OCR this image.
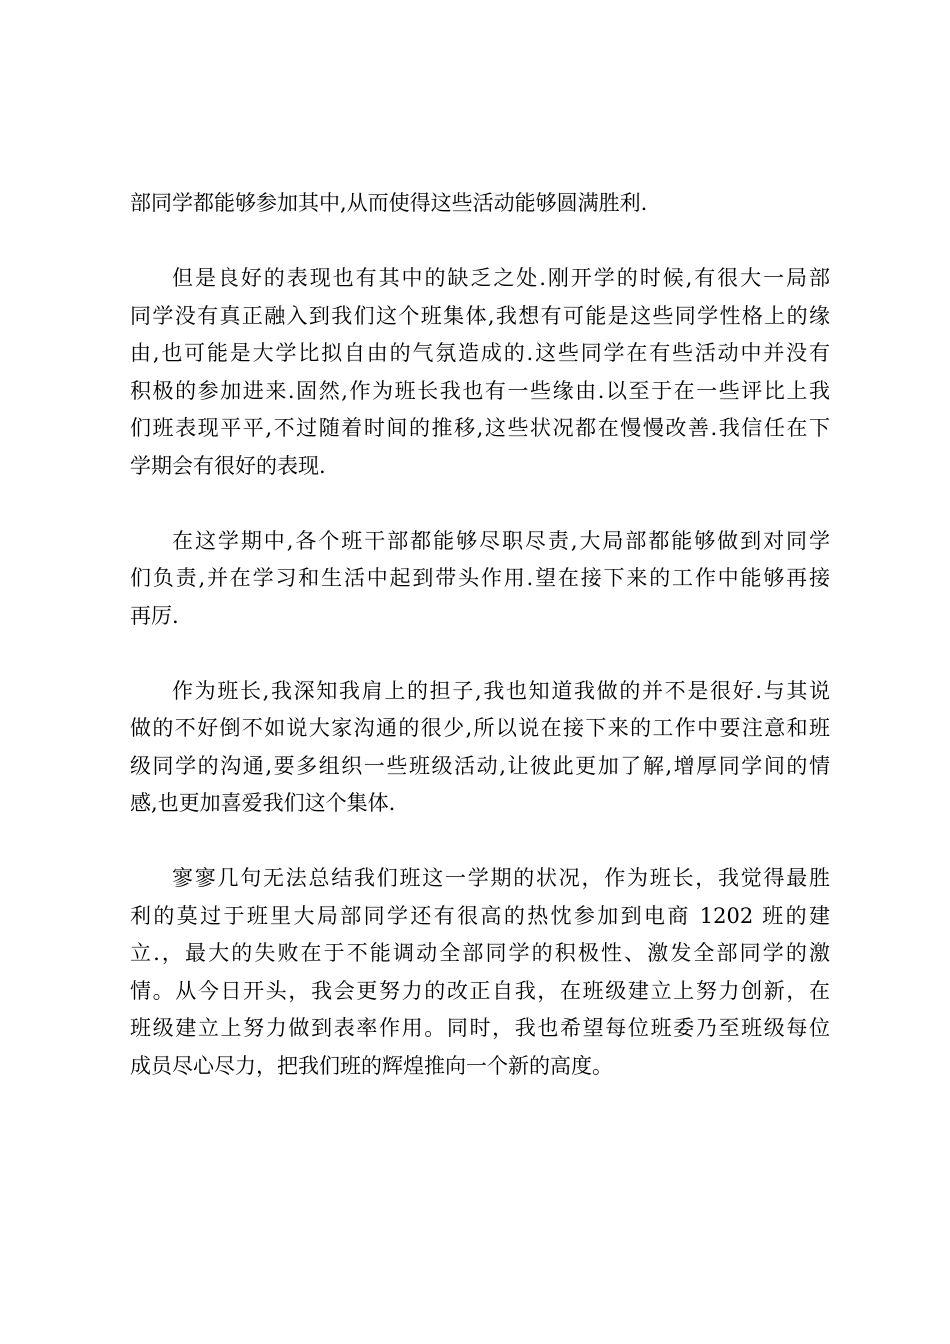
部同学都能够参加其中,从而使得这些活动能够圆满胜利.
但是良好的表现也有其中的缺乏之处.刚开学的时候,有很大一局部
同学没有真正融入到我们这个班集体,我想有可能是这些同学性格上的缘
由,也可能是大学比拟自由的气氛造成的.这些同学在有些活动中并没有
积极的参加进来.固然,作为班长我也有一些缘由.以至于在一些评比上我
们班表现平平,不过随着时间的推移,这些状况都在慢慢改善.我信任在下
学期会有很好的表现.
在这学期中,各个班干部都能够尽职尽责,大局部都能够做到对同学
们负责,并在学习和生活中起到带头作用.望在接下来的工作中能够再接
再厉.
作为班长,我深知我肩上的担子,我也知道我做的并不是很好.与其说
做的不好倒不如说大家沟通的很少,所以说在接下来的工作中要注意和班
级同学的沟通,要多组织一些班级活动,让彼此更加了解,增厚同学间的情
感,也更加喜爱我们这个集体.
寥寥几句无法总结我们班这一学期的状况，作为班长，我觉得最胜
利的莫过于班里大局部同学还有很高的热忱参加到电商 1202 班的建
立.，最大的失败在于不能调动全部同学的积极性、激发全部同学的激
情。从今日开头，我会更努力的改正自我，在班级建立上努力创新，在
班级建立上努力做到表率作用。同时，我也希望每位班委乃至班级每位
成员尽心尽力，把我们班的辉煌推向一个新的高度。
